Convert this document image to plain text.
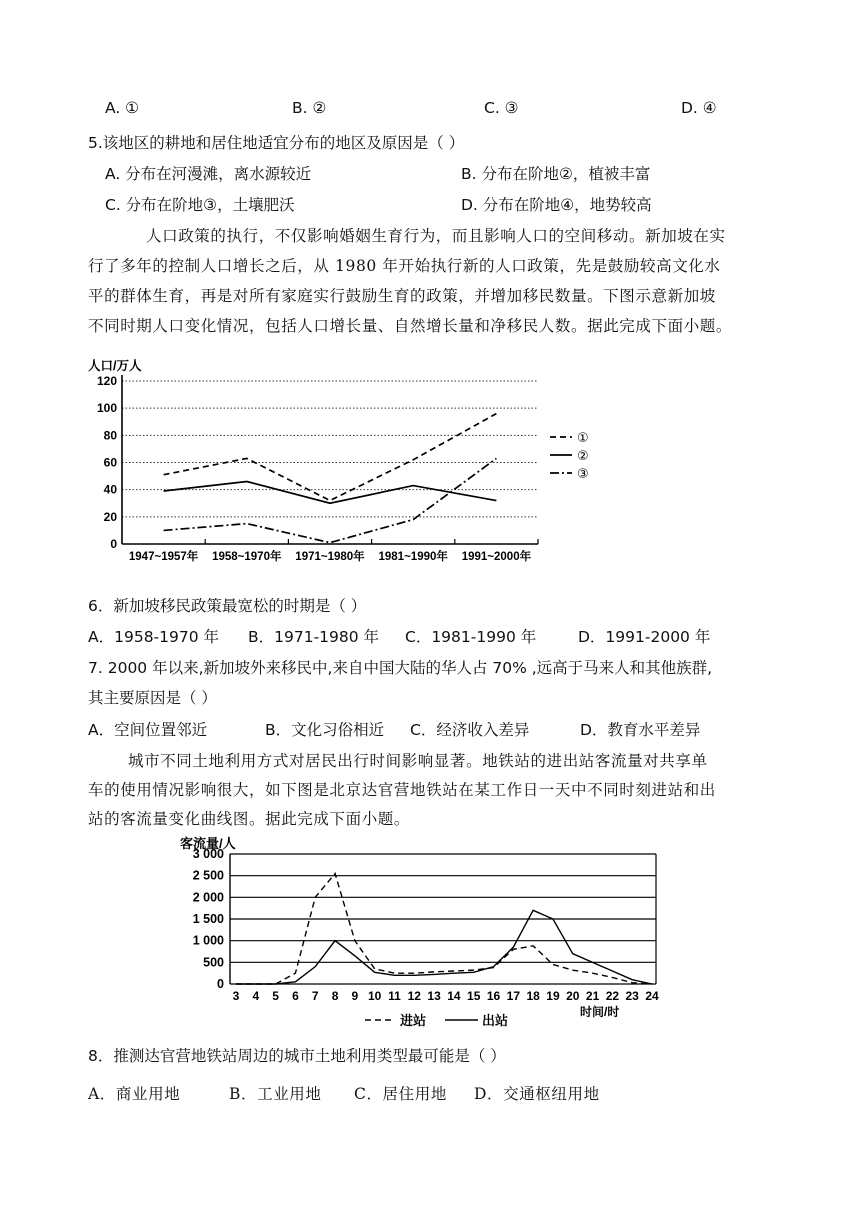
A. ①	B. ②	C. ③	D. ④
5.该地区的耕地和居住地适宜分布的地区及原因是（ ）
A. 分布在河漫滩，离水源较近	B. 分布在阶地②，植被丰富
C. 分布在阶地③，土壤肥沃	D. 分布在阶地④，地势较高
人口政策的执行，不仅影响婚姻生育行为，而且影响人口的空间移动。新加坡在实
行了多年的控制人口增长之后，从 1980 年开始执行新的人口政策，先是鼓励较高文化水
平的群体生育，再是对所有家庭实行鼓励生育的政策，并增加移民数量。下图示意新加坡
不同时期人口变化情况，包括人口增长量、自然增长量和净移民人数。据此完成下面小题。
0
20
40
60
80
100
120
人口/万人
1947~1957年 1958~1970年 1971~1980年 1981~1990年 1991~2000年
①
②
③
6．新加坡移民政策最宽松的时期是（ ）
A．1958-1970 年 B．1971-1980 年 C．1981-1990 年	D．1991-2000 年
7. 2000 年以来,新加坡外来移民中,来自中国大陆的华人占 70% ,远高于马来人和其他族群,
其主要原因是（ ）
A．空间位置邻近	B．文化习俗相近 C．经济收入差异	D．教育水平差异
城市不同土地利用方式对居民出行时间影响显著。地铁站的进出站客流量对共享单
车的使用情况影响很大，如下图是北京达官营地铁站在某工作日一天中不同时刻进站和出
站的客流量变化曲线图。据此完成下面小题。
0
500
1 000
1 500
2 000
2 500
3 000
客流量/人
3 4 5 6 7 8 9 10 11 12 13 14 15 16 17 18 19 20 21 22 23 24
时间/时
进站	出站
8．推测达官营地铁站周边的城市土地利用类型最可能是（ ）
A．商业用地	B．工业用地 C．居住用地 D．交通枢纽用地
